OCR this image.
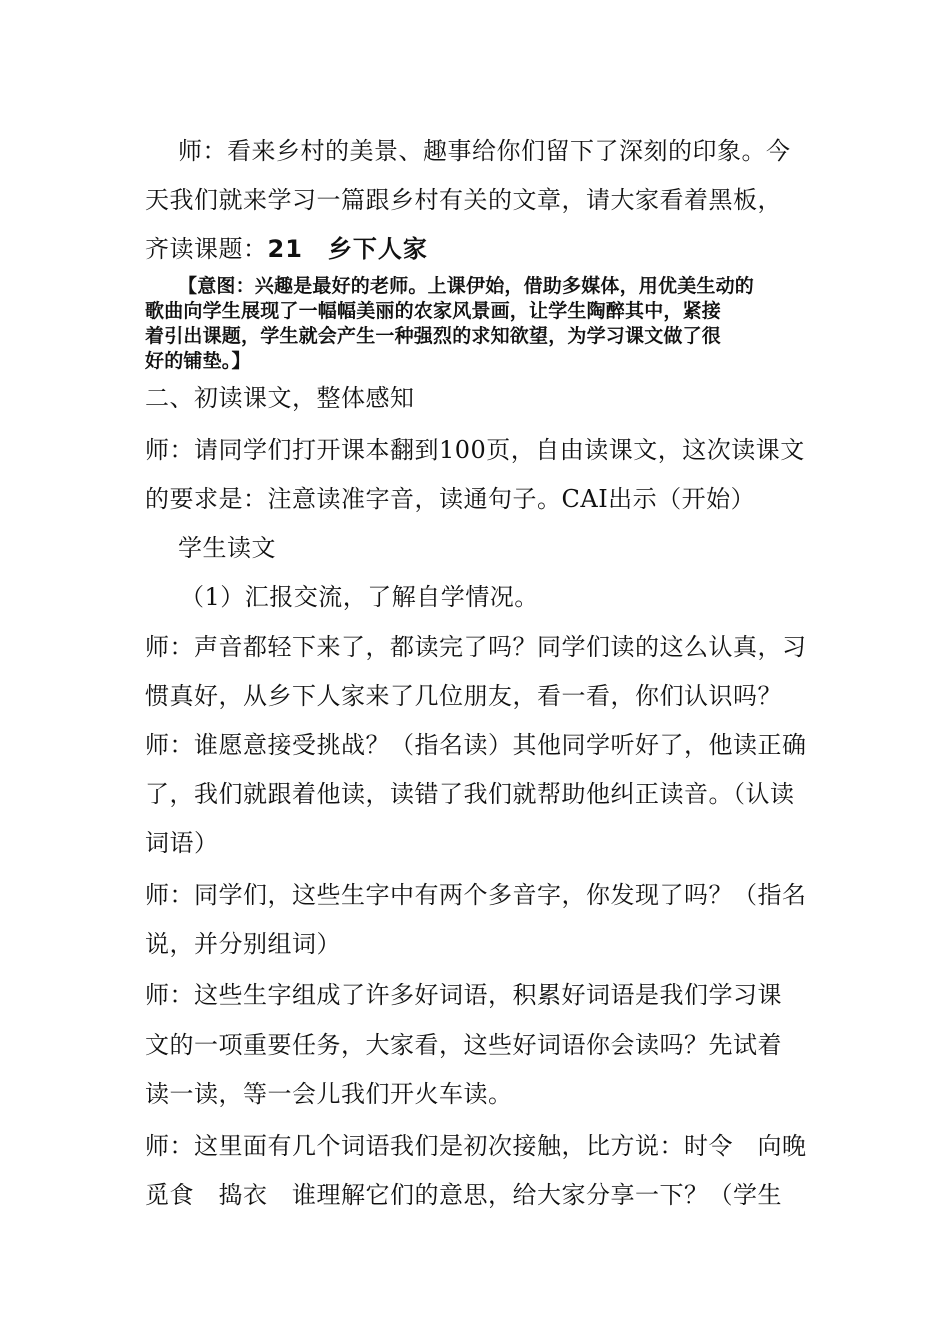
师：看来乡村的美景、趣事给你们留下了深刻的印象。今
天我们就来学习一篇跟乡村有关的文章，请大家看着黑板，
齐读课题：21　乡下人家
【意图：兴趣是最好的老师。上课伊始，借助多媒体，用优美生动的
歌曲向学生展现了一幅幅美丽的农家风景画，让学生陶醉其中，紧接
着引出课题，学生就会产生一种强烈的求知欲望，为学习课文做了很
好的铺垫。】
二、初读课文，整体感知
师：请同学们打开课本翻到100页，自由读课文，这次读课文
的要求是：注意读准字音，读通句子。CAI出示（开始）
学生读文
（1）汇报交流，了解自学情况。
师：声音都轻下来了，都读完了吗？同学们读的这么认真，习
惯真好，从乡下人家来了几位朋友，看一看，你们认识吗？
师：谁愿意接受挑战？（指名读）其他同学听好了，他读正确
了，我们就跟着他读，读错了我们就帮助他纠正读音。（认读
词语）
师：同学们，这些生字中有两个多音字，你发现了吗？（指名
说，并分别组词）
师：这些生字组成了许多好词语，积累好词语是我们学习课
文的一项重要任务，大家看，这些好词语你会读吗？先试着
读一读，等一会儿我们开火车读。
师：这里面有几个词语我们是初次接触，比方说：时令　向晚
觅食　捣衣　谁理解它们的意思，给大家分享一下？（学生
